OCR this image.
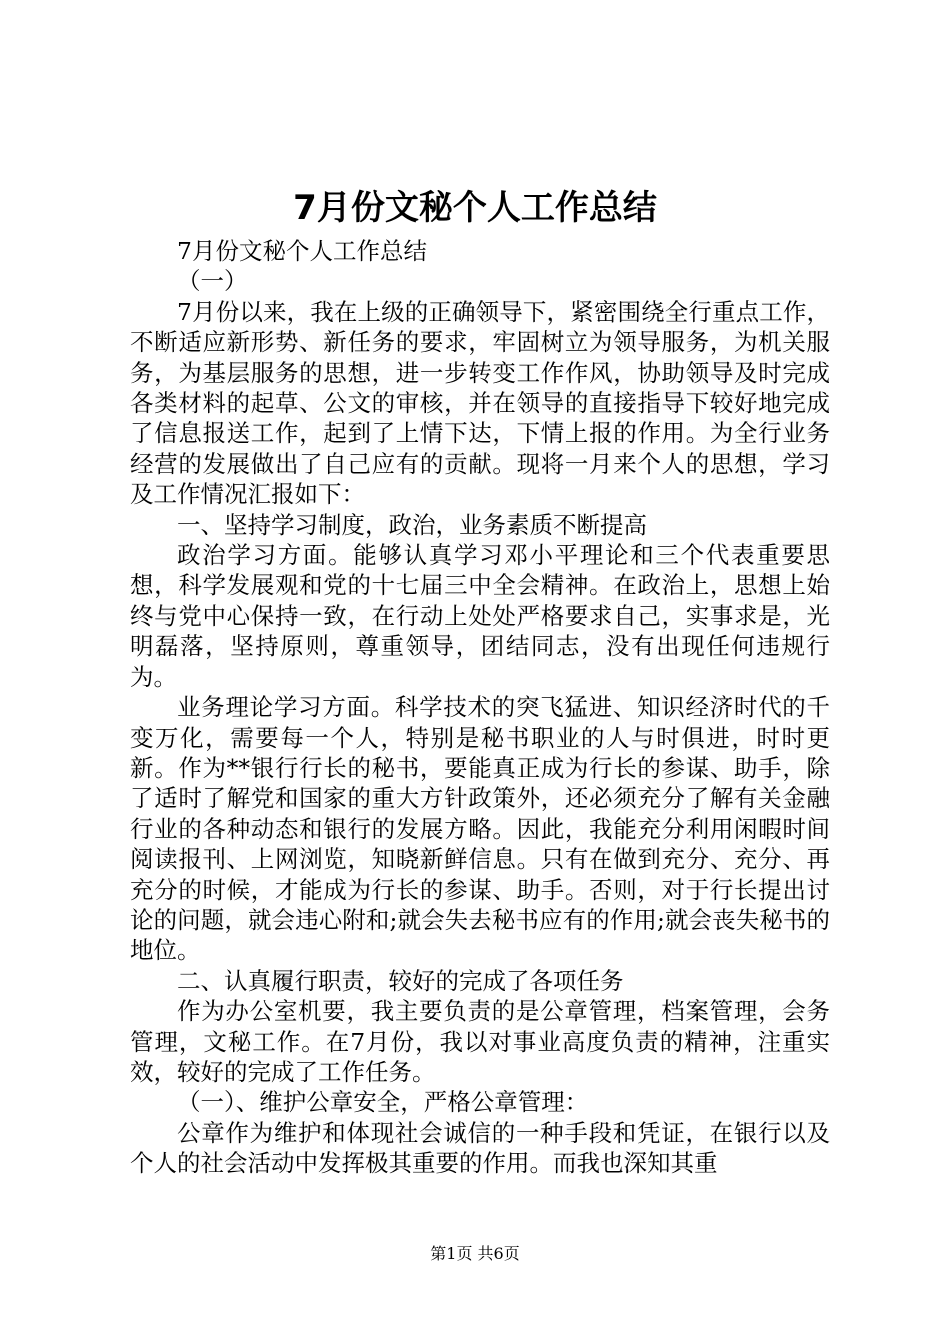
7月份文秘个人工作总结

7月份文秘个人工作总结

（一）

7月份以来，我在上级的正确领导下，紧密围绕全行重点工作，不断适应新形势、新任务的要求，牢固树立为领导服务，为机关服务，为基层服务的思想，进一步转变工作作风，协助领导及时完成各类材料的起草、公文的审核，并在领导的直接指导下较好地完成了信息报送工作，起到了上情下达，下情上报的作用。为全行业务经营的发展做出了自己应有的贡献。现将一月来个人的思想，学习及工作情况汇报如下：

一、坚持学习制度，政治，业务素质不断提高

政治学习方面。能够认真学习邓小平理论和三个代表重要思想，科学发展观和党的十七届三中全会精神。在政治上，思想上始终与党中心保持一致，在行动上处处严格要求自己，实事求是，光明磊落，坚持原则，尊重领导，团结同志，没有出现任何违规行为。

业务理论学习方面。科学技术的突飞猛进、知识经济时代的千变万化，需要每一个人，特别是秘书职业的人与时俱进，时时更新。作为**银行行长的秘书，要能真正成为行长的参谋、助手，除了适时了解党和国家的重大方针政策外，还必须充分了解有关金融行业的各种动态和银行的发展方略。因此，我能充分利用闲暇时间阅读报刊、上网浏览，知晓新鲜信息。只有在做到充分、充分、再充分的时候，才能成为行长的参谋、助手。否则，对于行长提出讨论的问题，就会违心附和;就会失去秘书应有的作用;就会丧失秘书的地位。

二、认真履行职责，较好的完成了各项任务

作为办公室机要，我主要负责的是公章管理，档案管理，会务管理，文秘工作。在7月份，我以对事业高度负责的精神，注重实效，较好的完成了工作任务。

（一）、维护公章安全，严格公章管理：

公章作为维护和体现社会诚信的一种手段和凭证，在银行以及个人的社会活动中发挥极其重要的作用。而我也深知其重

第1页 共6页
